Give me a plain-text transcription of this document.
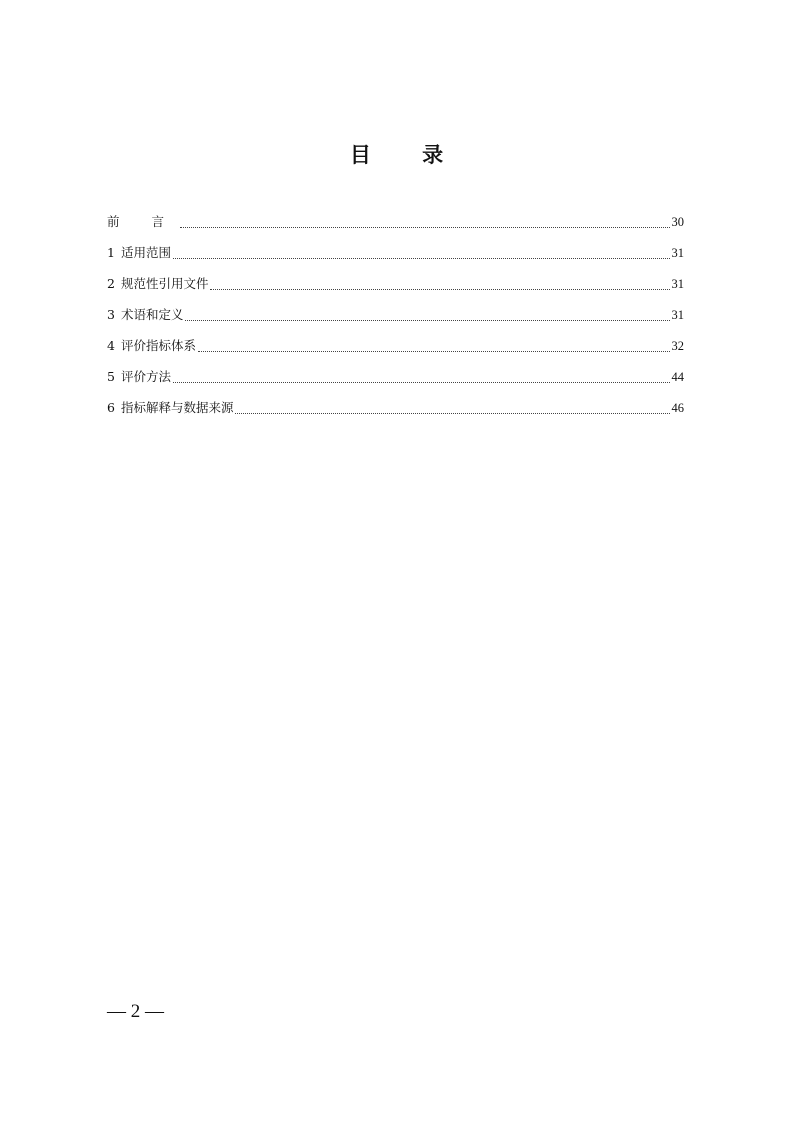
目 录
前 言	30
1 适用范围	31
2 规范性引用文件	31
3 术语和定义	31
4 评价指标体系	32
5 评价方法	44
6 指标解释与数据来源	46
— 2 —
